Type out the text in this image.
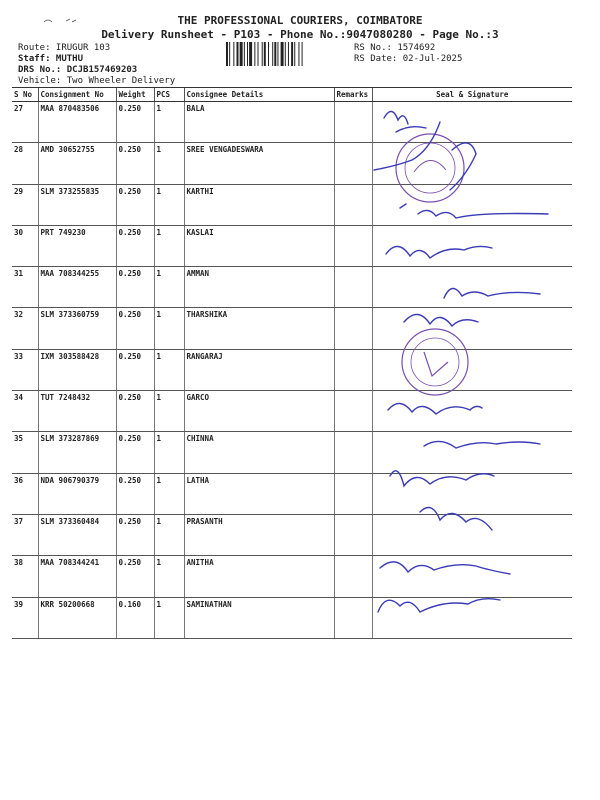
THE PROFESSIONAL COURIERS, COIMBATORE
Delivery Runsheet - P103 - Phone No.:9047080280 - Page No.:3
Route: IRUGUR 103
Staff: MUTHU
DRS No.: DCJB157469203
Vehicle: Two Wheeler Delivery
RS No.: 1574692
RS Date: 02-Jul-2025
S No	Consignment No	Weight	PCS	Consignee Details	Remarks	Seal & Signature
27	MAA 870483506	0.250	1	BALA		
28	AMD 30652755	0.250	1	SREE VENGADESWARA		
29	SLM 373255835	0.250	1	KARTHI		
30	PRT 749230	0.250	1	KASLAI		
31	MAA 708344255	0.250	1	AMMAN		
32	SLM 373360759	0.250	1	THARSHIKA		
33	IXM 303588428	0.250	1	RANGARAJ		
34	TUT 7248432	0.250	1	GARCO		
35	SLM 373287869	0.250	1	CHINNA		
36	NDA 906790379	0.250	1	LATHA		
37	SLM 373360484	0.250	1	PRASANTH		
38	MAA 708344241	0.250	1	ANITHA		
39	KRR 50200668	0.160	1	SAMINATHAN		
